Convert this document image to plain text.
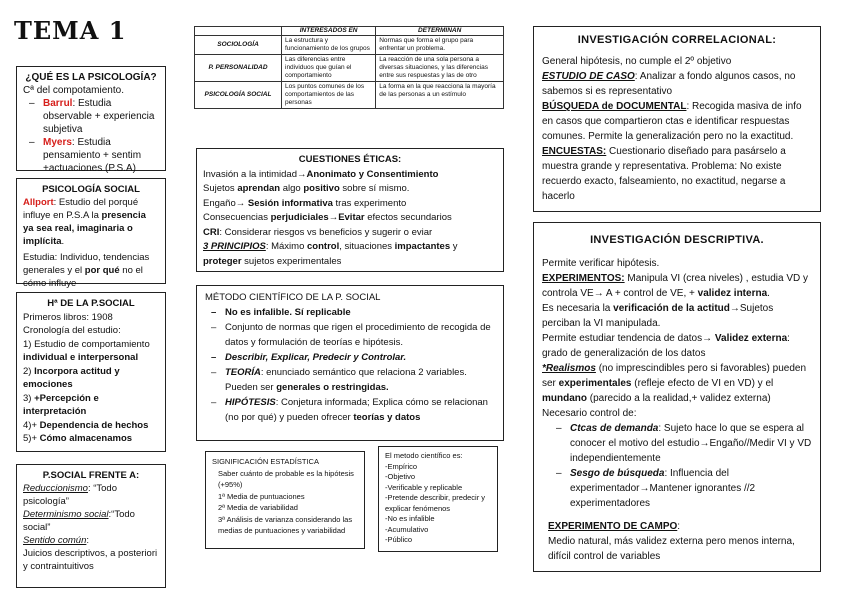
TEMA 1

¿QUÉ ES LA PSICOLOGÍA?

Cª del compotamiento.

– Barrul: Estudia observable + experiencia subjetiva
– Myers: Estudia pensamiento + sentim +actuaciones (P.S.A)

PSICOLOGÍA SOCIAL

Allport: Estudio del porqué influye en P.S.A la presencia ya sea real, imaginaria o implícita.

Estudia: Individuo, tendencias generales y el por qué no el cómo influye

Hª DE LA P.SOCIAL

Primeros libros: 1908

Cronología del estudio:

1) Estudio de comportamiento individual e interpersonal

2) Incorpora actitud y emociones

3) +Percepción e interpretación

4)+ Dependencia de hechos

5)+ Cómo almacenamos

P.SOCIAL FRENTE A:

Reduccionismo: “Todo psicología”

Determinismo social:“Todo social”

Sentido común:

Juicios descriptivos, a posteriori y contraintuitivos

	INTERESADOS EN	DETERMINAN
SOCIOLOGÍA	La estructura y funcionamiento de los grupos	Normas que forma el grupo para enfrentar un problema.
P. PERSONALIDAD	Las diferencias entre individuos que guían el comportamiento	La reacción de una sola persona a diversas situaciones, y las diferencias entre sus respuestas y las de otro
PSICOLOGÍA SOCIAL	Los puntos comunes de los comportamientos de las personas	La forma en la que reacciona la mayoría de las personas a un estímulo

CUESTIONES ÉTICAS:

Invasión a la intimidad→Anonimato y Consentimiento

Sujetos aprendan algo positivo sobre sí mismo.

Engaño→ Sesión informativa tras experimento

Consecuencias perjudiciales→Evitar efectos secundarios

CRI: Considerar riesgos vs beneficios y sugerir o eviar

3 PRINCIPIOS: Máximo control, situaciones impactantes y proteger sujetos experimentales

MÉTODO CIENTÍFICO DE LA P. SOCIAL

– No es infalible. Sí replicable
– Conjunto de normas que rigen el procedimiento de recogida de datos y formulación de teorías e hipótesis.
– Describir, Explicar, Predecir y Controlar.
– TEORÍA: enunciado semántico que relaciona 2 variables. Pueden ser generales o restringidas.
– HIPÓTESIS: Conjetura informada; Explica cómo se relacionan (no por qué) y pueden ofrecer teorías y datos

SIGNIFICACIÓN ESTADÍSTICA

Saber cuánto de probable es la hipótesis (+95%)

1ª Media de puntuaciones

2ª Media de variabilidad

3ª Análisis de varianza considerando las medias de puntuaciones y variabilidad

El metodo científico es:

-Empírico

-Objetivo

-Verificable y replicable

-Pretende describir, predecir y explicar fenómenos

-No es infalible

-Acumulativo

-Público

INVESTIGACIÓN CORRELACIONAL:

General hipótesis, no cumple el 2º objetivo

ESTUDIO DE CASO: Analizar a fondo algunos casos, no sabemos si es representativo

BÚSQUEDA de DOCUMENTAL: Recogida masiva de info en casos que compartieron ctas e identificar respuestas comunes. Permite la generalización pero no la exactitud.

ENCUESTAS: Cuestionario diseñado para pasárselo a muestra grande y representativa. Problema: No existe recuerdo exacto, falseamiento, no exactitud, negarse a hacerlo

INVESTIGACIÓN DESCRIPTIVA.

Permite verificar hipótesis.

EXPERIMENTOS: Manipula VI (crea niveles) , estudia VD y controla VE→ A + control de VE, + validez interna.

Es necesaria la verificación de la actitud→Sujetos perciban la VI manipulada.

Permite estudiar tendencia de datos→ Validez externa: grado de generalización de los datos

*Realismos (no imprescindibles pero si favorables) pueden ser experimentales (refleje efecto de VI en VD) y el mundano (parecido a la realidad,+ validez externa)

Necesario control de:

– Ctcas de demanda: Sujeto hace lo que se espera al conocer el motivo del estudio→Engaño//Medir VI y VD independientemente
– Sesgo de búsqueda: Influencia del experimentador→Mantener ignorantes //2 experimentadores

EXPERIMENTO DE CAMPO:

Medio natural, más validez externa pero menos interna, difícil control de variables
